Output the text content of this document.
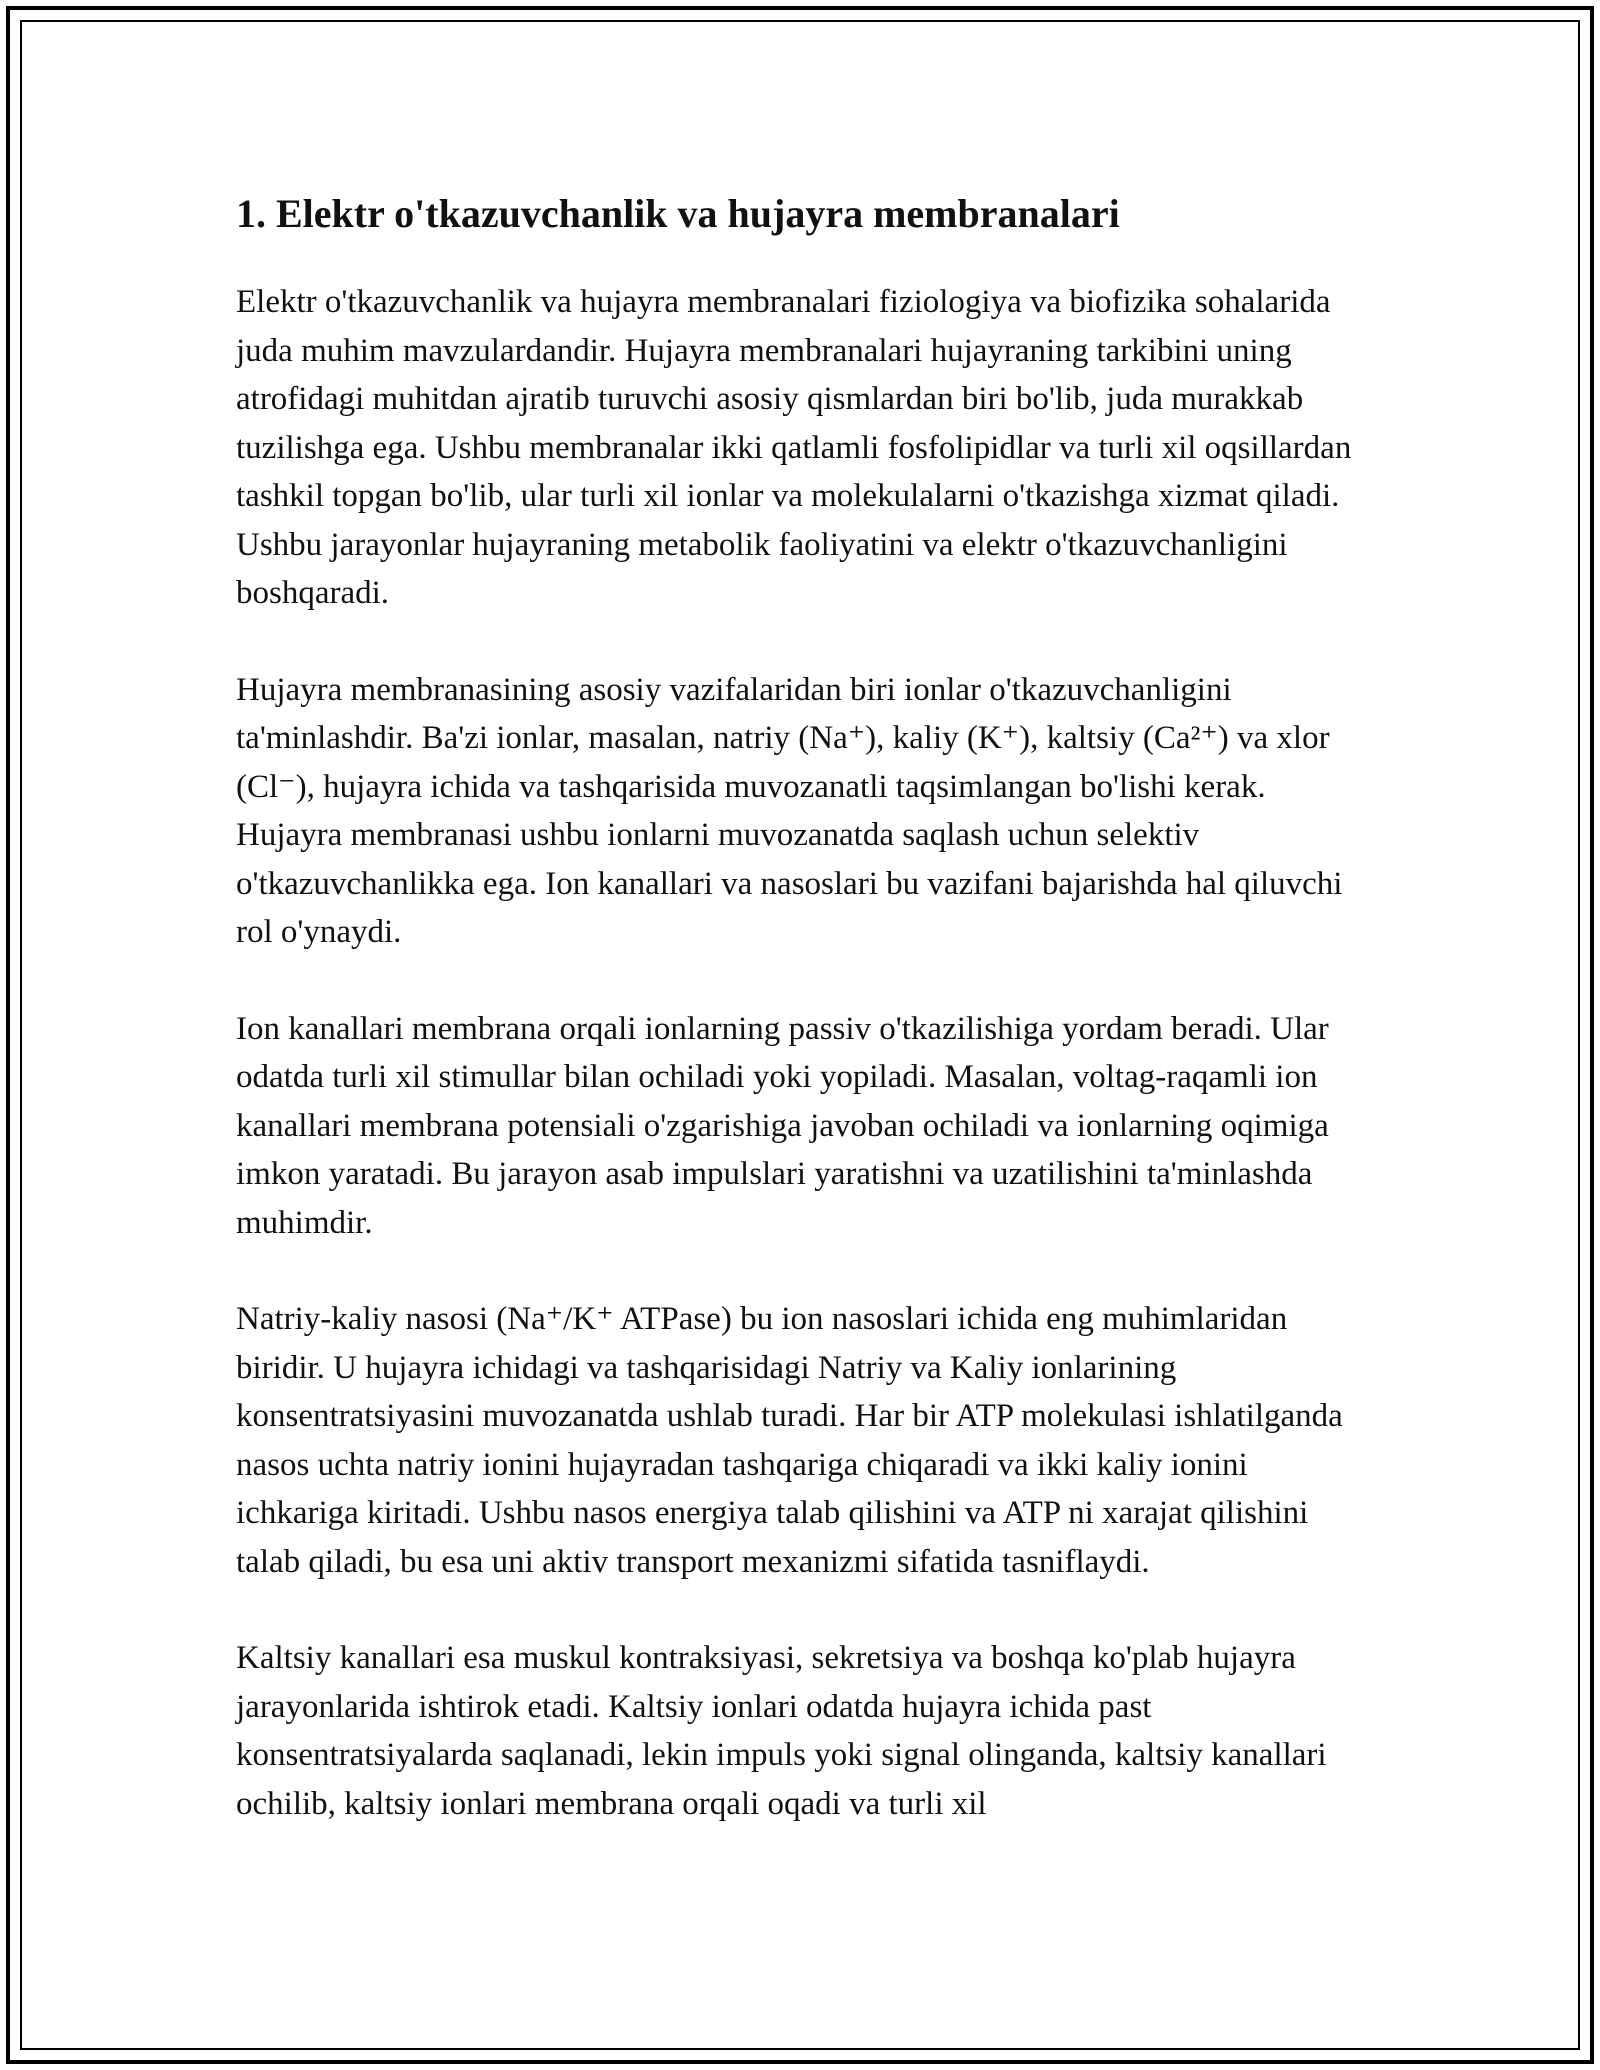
1. Elektr o'tkazuvchanlik va hujayra membranalari

Elektr o'tkazuvchanlik va hujayra membranalari fiziologiya va biofizika sohalarida juda muhim mavzulardandir. Hujayra membranalari hujayraning tarkibini uning atrofidagi muhitdan ajratib turuvchi asosiy qismlardan biri bo'lib, juda murakkab tuzilishga ega. Ushbu membranalar ikki qatlamli fosfolipidlar va turli xil oqsillardan tashkil topgan bo'lib, ular turli xil ionlar va molekulalarni o'tkazishga xizmat qiladi. Ushbu jarayonlar hujayraning metabolik faoliyatini va elektr o'tkazuvchanligini boshqaradi.

Hujayra membranasining asosiy vazifalaridan biri ionlar o'tkazuvchanligini ta'minlashdir. Ba'zi ionlar, masalan, natriy (Na⁺), kaliy (K⁺), kaltsiy (Ca²⁺) va xlor (Cl⁻), hujayra ichida va tashqarisida muvozanatli taqsimlangan bo'lishi kerak. Hujayra membranasi ushbu ionlarni muvozanatda saqlash uchun selektiv o'tkazuvchanlikka ega. Ion kanallari va nasoslari bu vazifani bajarishda hal qiluvchi rol o'ynaydi.

Ion kanallari membrana orqali ionlarning passiv o'tkazilishiga yordam beradi. Ular odatda turli xil stimullar bilan ochiladi yoki yopiladi. Masalan, voltag-raqamli ion kanallari membrana potensiali o'zgarishiga javoban ochiladi va ionlarning oqimiga imkon yaratadi. Bu jarayon asab impulslari yaratishni va uzatilishini ta'minlashda muhimdir.

Natriy-kaliy nasosi (Na⁺/K⁺ ATPase) bu ion nasoslari ichida eng muhimlaridan biridir. U hujayra ichidagi va tashqarisidagi Natriy va Kaliy ionlarining konsentratsiyasini muvozanatda ushlab turadi. Har bir ATP molekulasi ishlatilganda nasos uchta natriy ionini hujayradan tashqariga chiqaradi va ikki kaliy ionini ichkariga kiritadi. Ushbu nasos energiya talab qilishini va ATP ni xarajat qilishini talab qiladi, bu esa uni aktiv transport mexanizmi sifatida tasniflaydi.

Kaltsiy kanallari esa muskul kontraksiyasi, sekretsiya va boshqa ko'plab hujayra jarayonlarida ishtirok etadi. Kaltsiy ionlari odatda hujayra ichida past konsentratsiyalarda saqlanadi, lekin impuls yoki signal olinganda, kaltsiy kanallari ochilib, kaltsiy ionlari membrana orqali oqadi va turli xil
